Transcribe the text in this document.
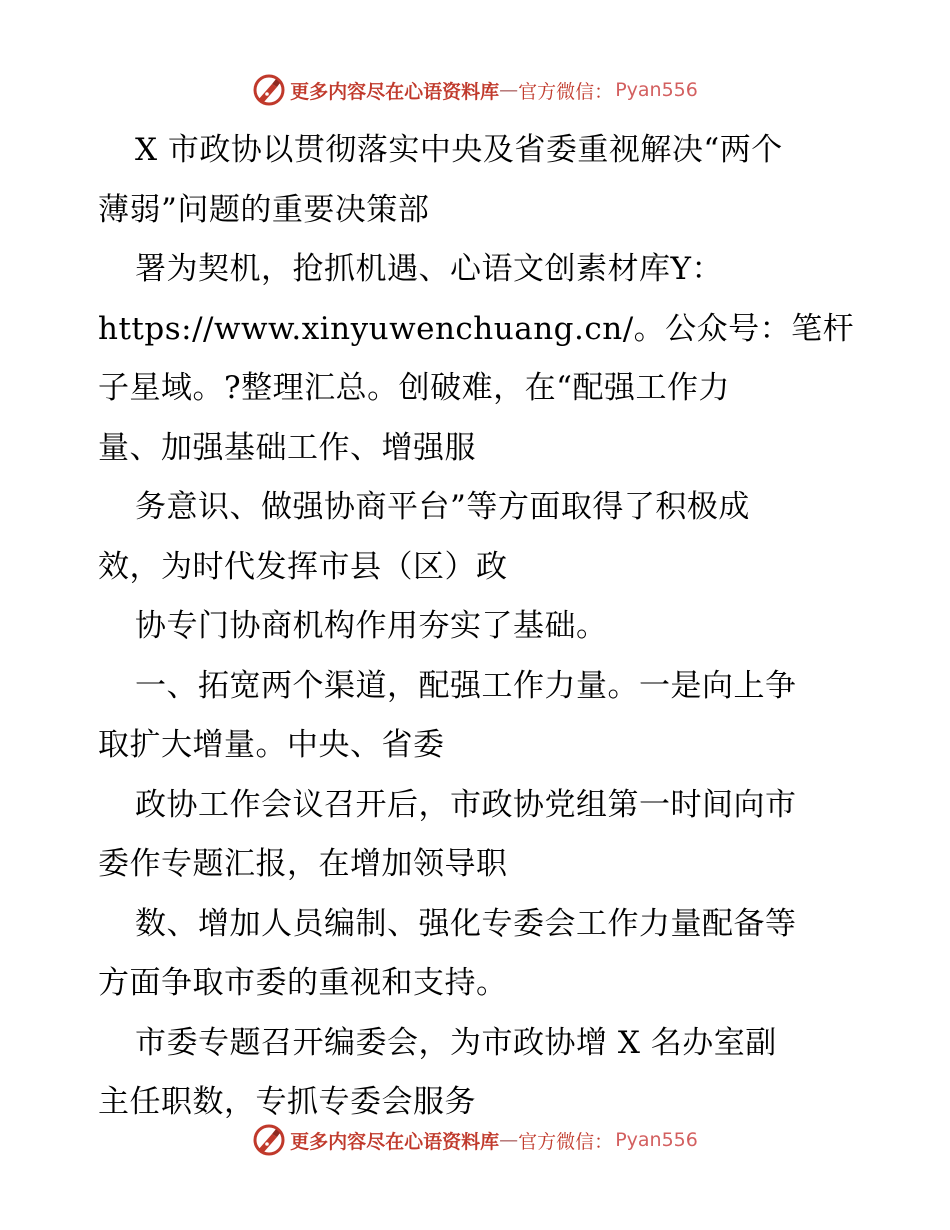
更多内容尽在心语资料库 — 官方微信： Pyan556
X 市政协以贯彻落实中央及省委重视解决“两个
薄弱”问题的重要决策部
署为契机，抢抓机遇、心语文创素材库Y：
https://www.xinyuwenchuang.cn/。公众号：笔杆
子星域。?整理汇总。创破难，在“配强工作力
量、加强基础工作、增强服
务意识、做强协商平台”等方面取得了积极成
效，为时代发挥市县（区）政
协专门协商机构作用夯实了基础。
一、拓宽两个渠道，配强工作力量。一是向上争
取扩大增量。中央、省委
政协工作会议召开后，市政协党组第一时间向市
委作专题汇报，在增加领导职
数、增加人员编制、强化专委会工作力量配备等
方面争取市委的重视和支持。
市委专题召开编委会，为市政协增 X 名办室副
主任职数，专抓专委会服务
更多内容尽在心语资料库 — 官方微信： Pyan556
